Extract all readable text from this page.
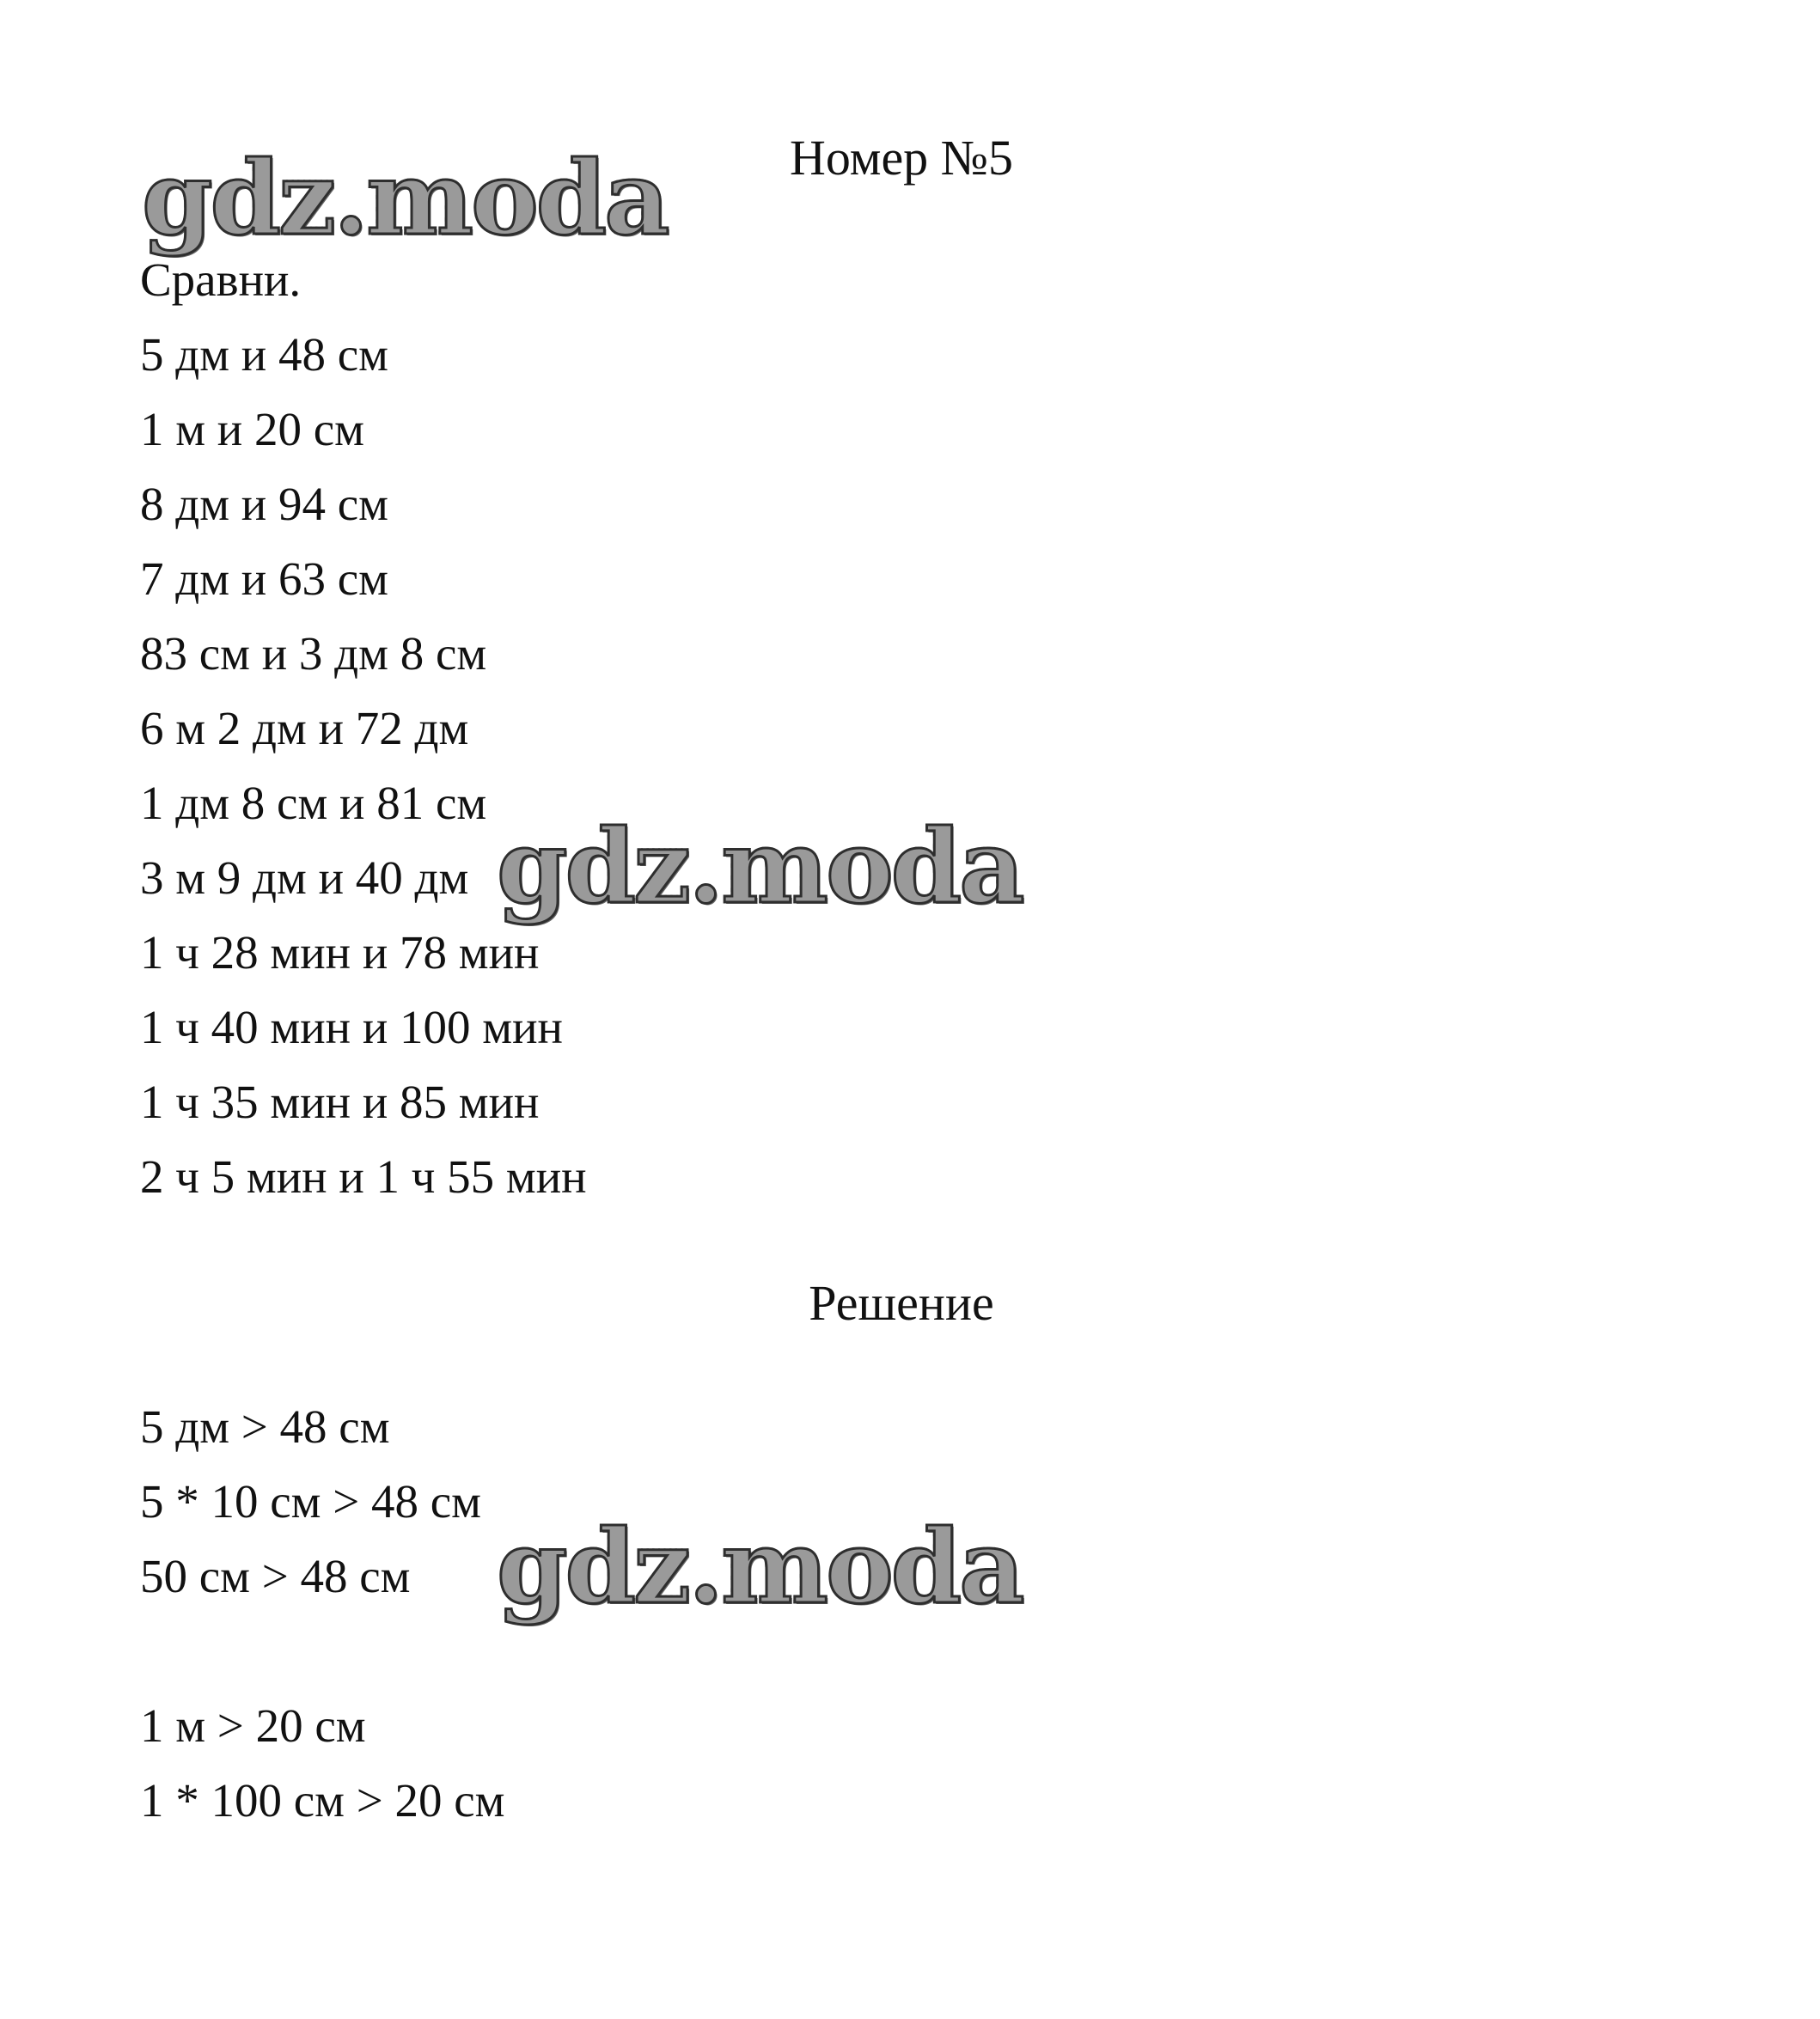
Номер №5
Сравни.
5 дм и 48 см
1 м и 20 см
8 дм и 94 см
7 дм и 63 см
83 см и 3 дм 8 см
6 м 2 дм и 72 дм
1 дм 8 см и 81 см
3 м 9 дм и 40 дм
1 ч 28 мин и 78 мин
1 ч 40 мин и 100 мин
1 ч 35 мин и 85 мин
2 ч 5 мин и 1 ч 55 мин
Решение
5 дм > 48 см
5 * 10 см > 48 см
50 см > 48 см
1 м > 20 см
1 * 100 см > 20 см
gdz.moda
gdz.moda
gdz.moda
